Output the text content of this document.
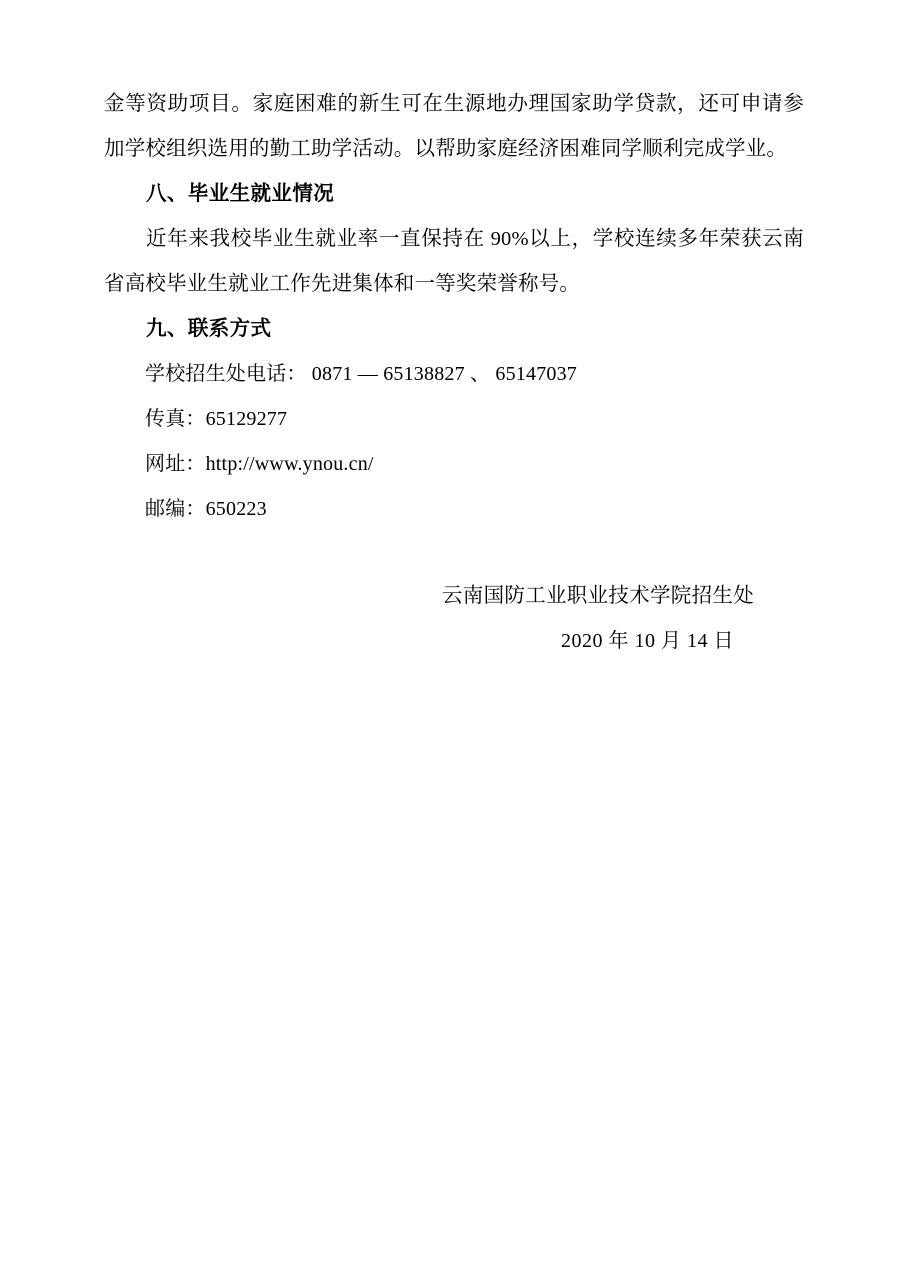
金等资助项目。家庭困难的新生可在生源地办理国家助学贷款，还可申请参加学校组织选用的勤工助学活动。以帮助家庭经济困难同学顺利完成学业。

八、毕业生就业情况

近年来我校毕业生就业率一直保持在 90%以上，学校连续多年荣获云南省高校毕业生就业工作先进集体和一等奖荣誉称号。

九、联系方式

学校招生处电话： 0871 — 65138827 、 65147037

传真：65129277

网址：http://www.ynou.cn/

邮编：650223

云南国防工业职业技术学院招生处

2020 年 10 月 14 日
